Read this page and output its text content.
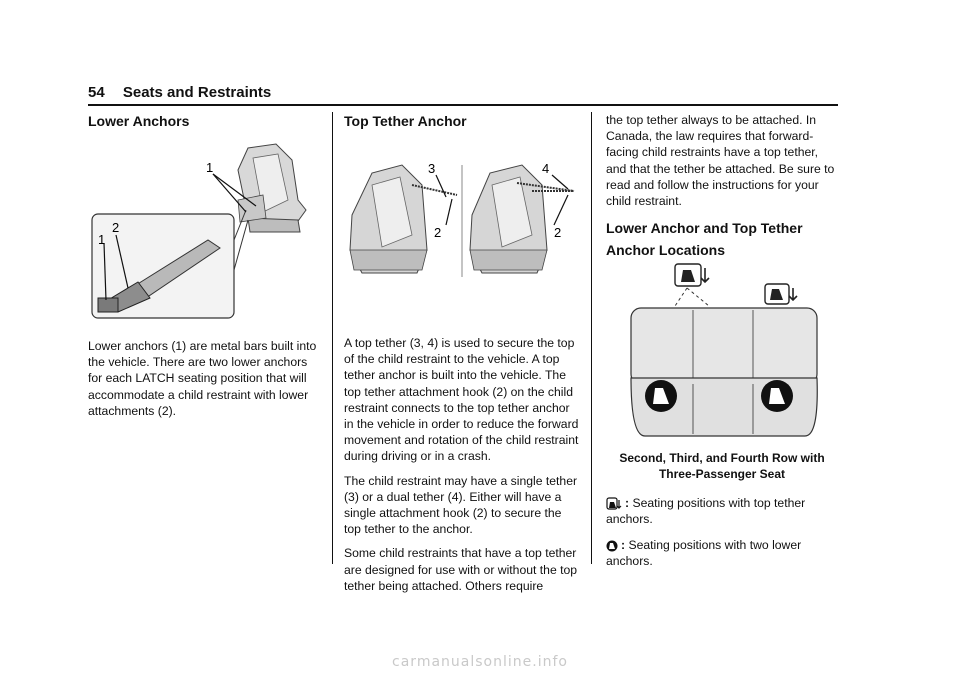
54 Seats and Restraints
Lower Anchors
1
2
1

Lower anchors (1) are metal bars built into the vehicle. There are two lower anchors for each LATCH seating position that will accommodate a child restraint with lower attachments (2).

Top Tether Anchor
3
2
4
2

A top tether (3, 4) is used to secure the top of the child restraint to the vehicle. A top tether anchor is built into the vehicle. The top tether attachment hook (2) on the child restraint connects to the top tether anchor in the vehicle in order to reduce the forward movement and rotation of the child restraint during driving or in a crash.

The child restraint may have a single tether (3) or a dual tether (4). Either will have a single attachment hook (2) to secure the top tether to the anchor.

Some child restraints that have a top tether are designed for use with or without the top tether being attached. Others require

the top tether always to be attached. In Canada, the law requires that forward-facing child restraints have a top tether, and that the tether be attached. Be sure to read and follow the instructions for your child restraint.

Lower Anchor and Top Tether Anchor Locations
Second, Third, and Fourth Row with
Three-Passenger Seat
: Seating positions with top tether anchors.
: Seating positions with two lower anchors.
carmanualsonline.info
